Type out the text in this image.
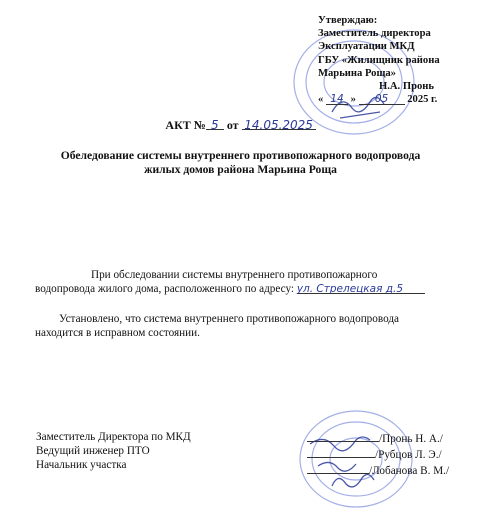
Утверждаю:
Заместитель директора
Эксплуатации МКД
ГБУ «Жилищник района
Марьина Роща»
Н.А. Пронь
« 14 » 05 2025 г.
АКТ № 5 от 14.05.2025
Обеледование системы внутреннего противопожарного водопровода
жилых домов района Марьина Роща
При обследовании системы внутреннего противопожарного
водопровода жилого дома, расположенного по адресу: ул. Стрелецкая д.5
Установлено, что система внутреннего противопожарного водопровода
находится в исправном состоянии.
Заместитель Директора по МКД
Ведущий инженер ПТО
Начальник участка
/Пронь Н. А./
/Рубцов Л. Э./
/Лобанова В. М./
